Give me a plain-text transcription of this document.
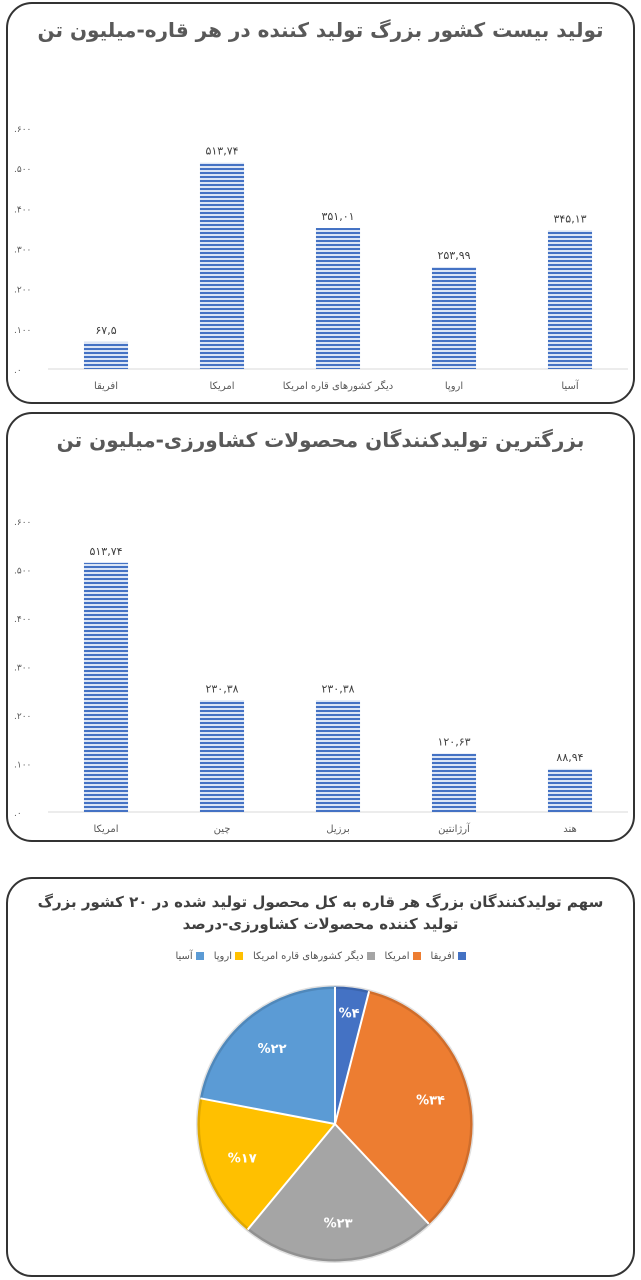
تولید بیست کشور بزرگ تولید کننده در هر قاره-میلیون تن
.۰
.۱۰۰
.۲۰۰
.۳۰۰
.۴۰۰
.۵۰۰
.۶۰۰
۶۷,۵
افریقا
۵۱۳,۷۴
امریکا
۳۵۱,۰۱
دیگر کشورهای قاره امریکا
۲۵۳,۹۹
اروپا
۳۴۵,۱۳
آسیا
بزرگترین تولیدکنندگان محصولات کشاورزی-میلیون تن
.۰
.۱۰۰
.۲۰۰
.۳۰۰
.۴۰۰
.۵۰۰
.۶۰۰
۵۱۳,۷۴
امریکا
۲۳۰,۳۸
چین
۲۳۰,۳۸
برزیل
۱۲۰,۶۳
آرژانتین
۸۸,۹۴
هند
سهم تولیدکنندگان بزرگ هر قاره به کل محصول تولید شده در ۲۰ کشور بزرگ تولید کننده محصولات کشاورزی-درصد
افریقاامریکادیگر کشورهای قاره امریکااروپاآسیا
%۴
%۳۴
%۲۳
%۱۷
%۲۲
